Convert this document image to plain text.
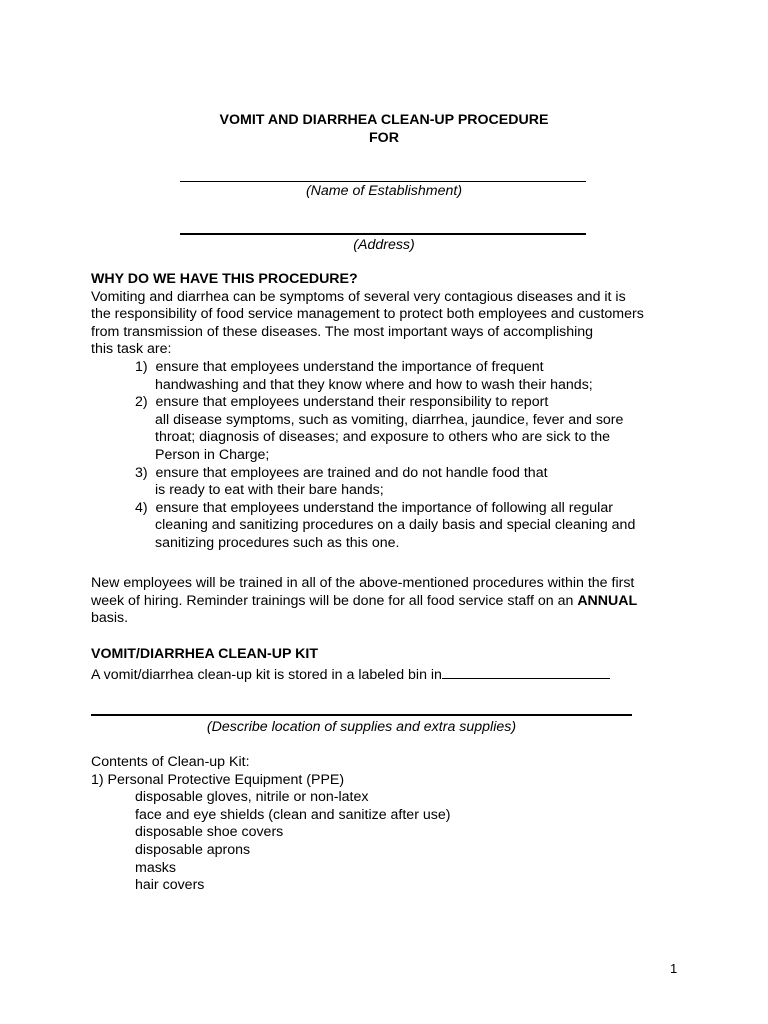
VOMIT AND DIARRHEA CLEAN-UP PROCEDURE
FOR
(Name of Establishment)
(Address)
WHY DO WE HAVE THIS PROCEDURE?
Vomiting and diarrhea can be symptoms of several very contagious diseases and it is
the responsibility of food service management to protect both employees and customers
from transmission of these diseases. The most important ways of accomplishing
this task are:
1) ensure that employees understand the importance of frequent
handwashing and that they know where and how to wash their hands;
2) ensure that employees understand their responsibility to report
all disease symptoms, such as vomiting, diarrhea, jaundice, fever and sore
throat; diagnosis of diseases; and exposure to others who are sick to the
Person in Charge;
3) ensure that employees are trained and do not handle food that
is ready to eat with their bare hands;
4) ensure that employees understand the importance of following all regular
cleaning and sanitizing procedures on a daily basis and special cleaning and
sanitizing procedures such as this one.
New employees will be trained in all of the above-mentioned procedures within the first
week of hiring. Reminder trainings will be done for all food service staff on an ANNUAL
basis.
VOMIT/DIARRHEA CLEAN-UP KIT
A vomit/diarrhea clean-up kit is stored in a labeled bin in
(Describe location of supplies and extra supplies)
Contents of Clean-up Kit:
1) Personal Protective Equipment (PPE)
disposable gloves, nitrile or non-latex
face and eye shields (clean and sanitize after use)
disposable shoe covers
disposable aprons
masks
hair covers
1
